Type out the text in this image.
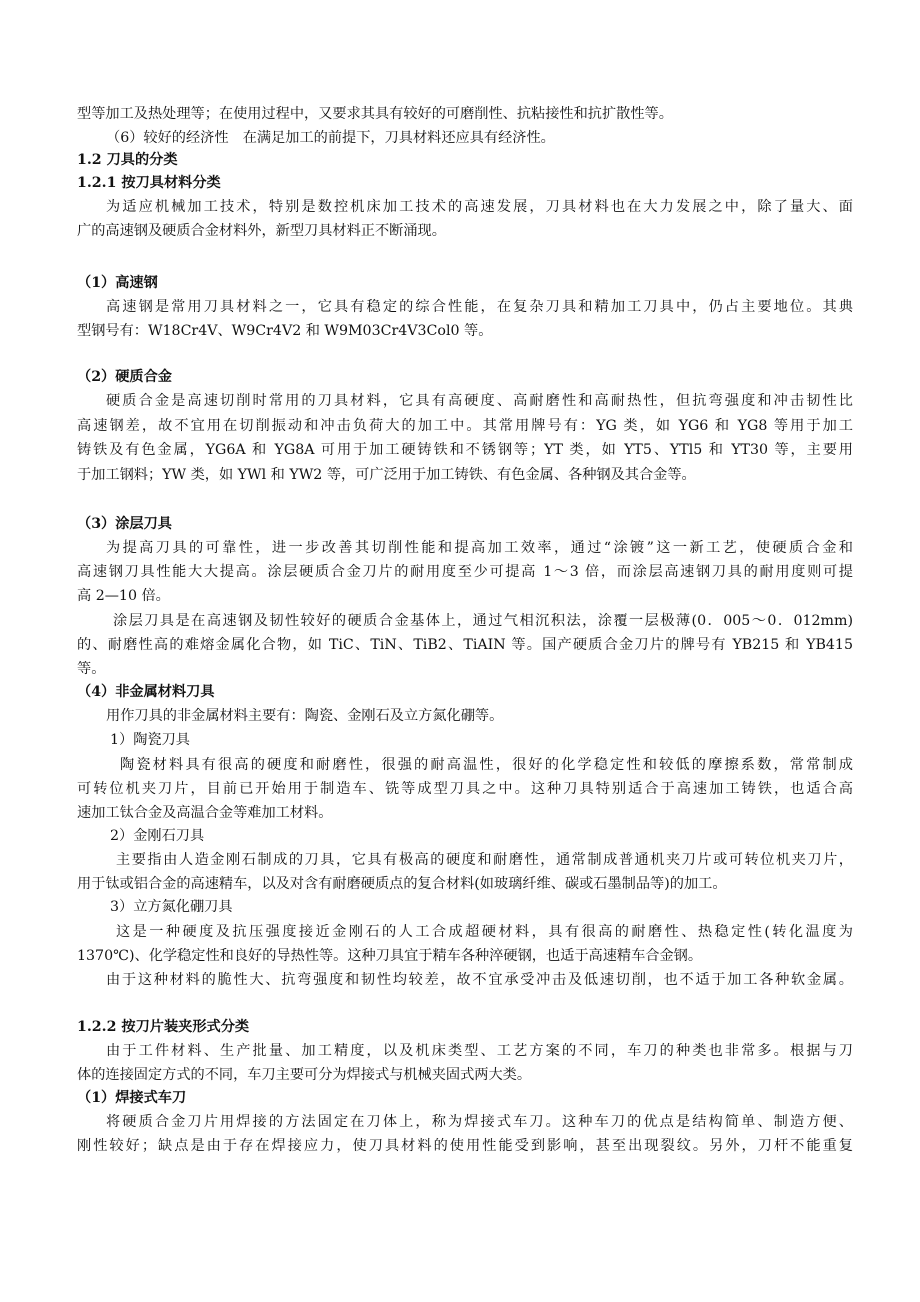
型等加工及热处理等；在使用过程中，又要求其具有较好的可磨削性、抗粘接性和抗扩散性等。
（6）较好的经济性　在满足加工的前提下，刀具材料还应具有经济性。
1.2 刀具的分类
1.2.1 按刀具材料分类
为适应机械加工技术，特别是数控机床加工技术的高速发展，刀具材料也在大力发展之中，除了量大、面
广的高速钢及硬质合金材料外，新型刀具材料正不断涌现。
（1）高速钢
高速钢是常用刀具材料之一，它具有稳定的综合性能，在复杂刀具和精加工刀具中，仍占主要地位。其典
型钢号有：W18Cr4V、W9Cr4V2 和 W9M03Cr4V3Col0 等。
（2）硬质合金
硬质合金是高速切削时常用的刀具材料，它具有高硬度、高耐磨性和高耐热性，但抗弯强度和冲击韧性比
高速钢差，故不宜用在切削振动和冲击负荷大的加工中。其常用牌号有：YG 类，如 YG6 和 YG8 等用于加工
铸铁及有色金属，YG6A 和 YG8A 可用于加工硬铸铁和不锈钢等；YT 类，如 YT5、YTl5 和 YT30 等，主要用
于加工钢料；YW 类，如 YWl 和 YW2 等，可广泛用于加工铸铁、有色金属、各种钢及其合金等。
（3）涂层刀具
为提高刀具的可靠性，进一步改善其切削性能和提高加工效率，通过“涂镀”这一新工艺，使硬质合金和
高速钢刀具性能大大提高。涂层硬质合金刀片的耐用度至少可提高 1～3 倍，而涂层高速钢刀具的耐用度则可提
高 2—10 倍。
涂层刀具是在高速钢及韧性较好的硬质合金基体上，通过气相沉积法，涂覆一层极薄(0．005～0．012mm)
的、耐磨性高的难熔金属化合物，如 TiC、TiN、TiB2、TiAIN 等。国产硬质合金刀片的牌号有 YB215 和 YB415
等。
（4）非金属材料刀具
用作刀具的非金属材料主要有：陶瓷、金刚石及立方氮化硼等。
1）陶瓷刀具
陶瓷材料具有很高的硬度和耐磨性，很强的耐高温性，很好的化学稳定性和较低的摩擦系数，常常制成
可转位机夹刀片，目前已开始用于制造车、铣等成型刀具之中。这种刀具特别适合于高速加工铸铁，也适合高
速加工钛合金及高温合金等难加工材料。
2）金刚石刀具
主要指由人造金刚石制成的刀具，它具有极高的硬度和耐磨性，通常制成普通机夹刀片或可转位机夹刀片，
用于钛或铝合金的高速精车，以及对含有耐磨硬质点的复合材料(如玻璃纤维、碳或石墨制品等)的加工。
3）立方氮化硼刀具
这是一种硬度及抗压强度接近金刚石的人工合成超硬材料，具有很高的耐磨性、热稳定性(转化温度为
1370℃)、化学稳定性和良好的导热性等。这种刀具宜于精车各种淬硬钢，也适于高速精车合金钢。
由于这种材料的脆性大、抗弯强度和韧性均较差，故不宜承受冲击及低速切削，也不适于加工各种软金属。
1.2.2 按刀片装夹形式分类
由于工件材料、生产批量、加工精度，以及机床类型、工艺方案的不同，车刀的种类也非常多。根据与刀
体的连接固定方式的不同，车刀主要可分为焊接式与机械夹固式两大类。
（1）焊接式车刀
将硬质合金刀片用焊接的方法固定在刀体上，称为焊接式车刀。这种车刀的优点是结构简单、制造方便、
刚性较好；缺点是由于存在焊接应力，使刀具材料的使用性能受到影响，甚至出现裂纹。另外，刀杆不能重复
